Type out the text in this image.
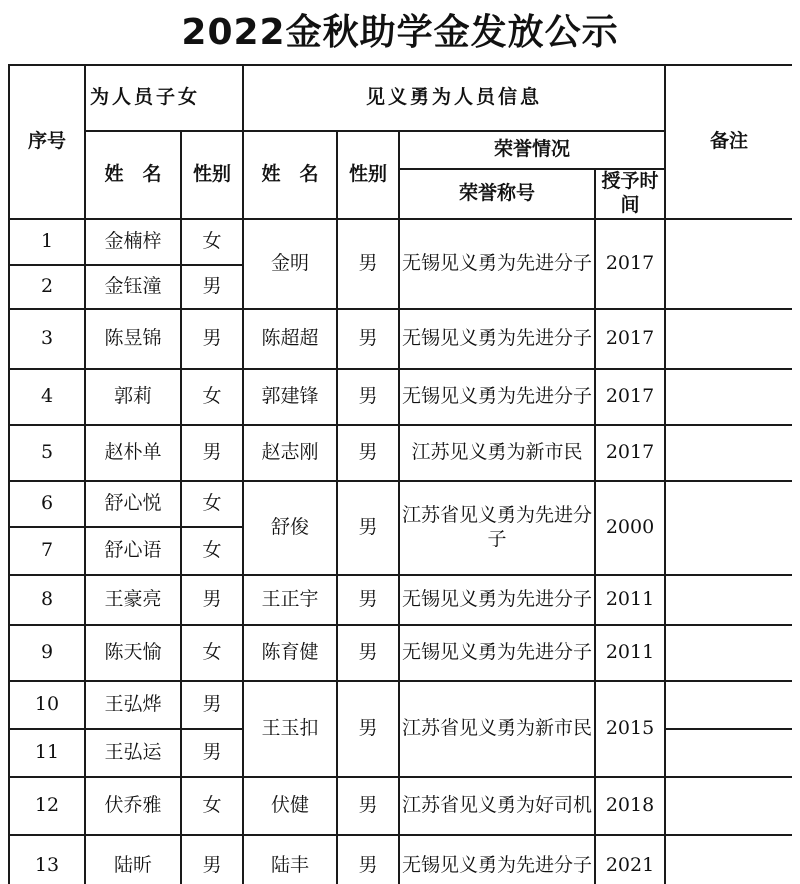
2022金秋助学金发放公示
序号	为人员子女		见义勇为人员信息				备注
	姓　名	性别	姓　名	性别	荣誉情况		
					荣誉称号	授予时间	
1	金楠梓	女	金明	男	无锡见义勇为先进分子	2017	
2	金钰潼	男					
3	陈昱锦	男	陈超超	男	无锡见义勇为先进分子	2017	
4	郭莉	女	郭建锋	男	无锡见义勇为先进分子	2017	
5	赵朴单	男	赵志刚	男	江苏见义勇为新市民	2017	
6	舒心悦	女	舒俊	男	江苏省见义勇为先进分子	2000	
7	舒心语	女					
8	王豪亮	男	王正宇	男	无锡见义勇为先进分子	2011	
9	陈天愉	女	陈育健	男	无锡见义勇为先进分子	2011	
10	王弘烨	男	王玉扣	男	江苏省见义勇为新市民	2015	
11	王弘运	男					
12	伏乔雅	女	伏健	男	江苏省见义勇为好司机	2018	
13	陆昕	男	陆丰	男	无锡见义勇为先进分子	2021	
